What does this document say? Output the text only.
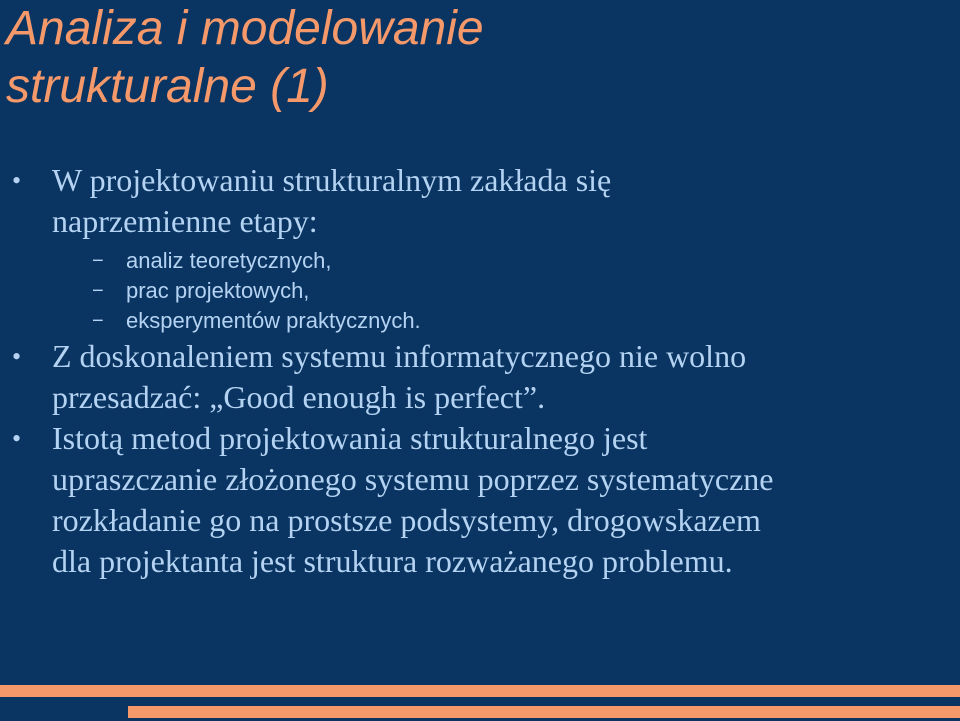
Analiza i modelowanie
strukturalne (1)
• W projektowaniu strukturalnym zakłada się
naprzemienne etapy:
− analiz teoretycznych,
− prac projektowych,
− eksperymentów praktycznych.
• Z doskonaleniem systemu informatycznego nie wolno
przesadzać: „Good enough is perfect”.
• Istotą metod projektowania strukturalnego jest
upraszczanie złożonego systemu poprzez systematyczne
rozkładanie go na prostsze podsystemy, drogowskazem
dla projektanta jest struktura rozważanego problemu.
